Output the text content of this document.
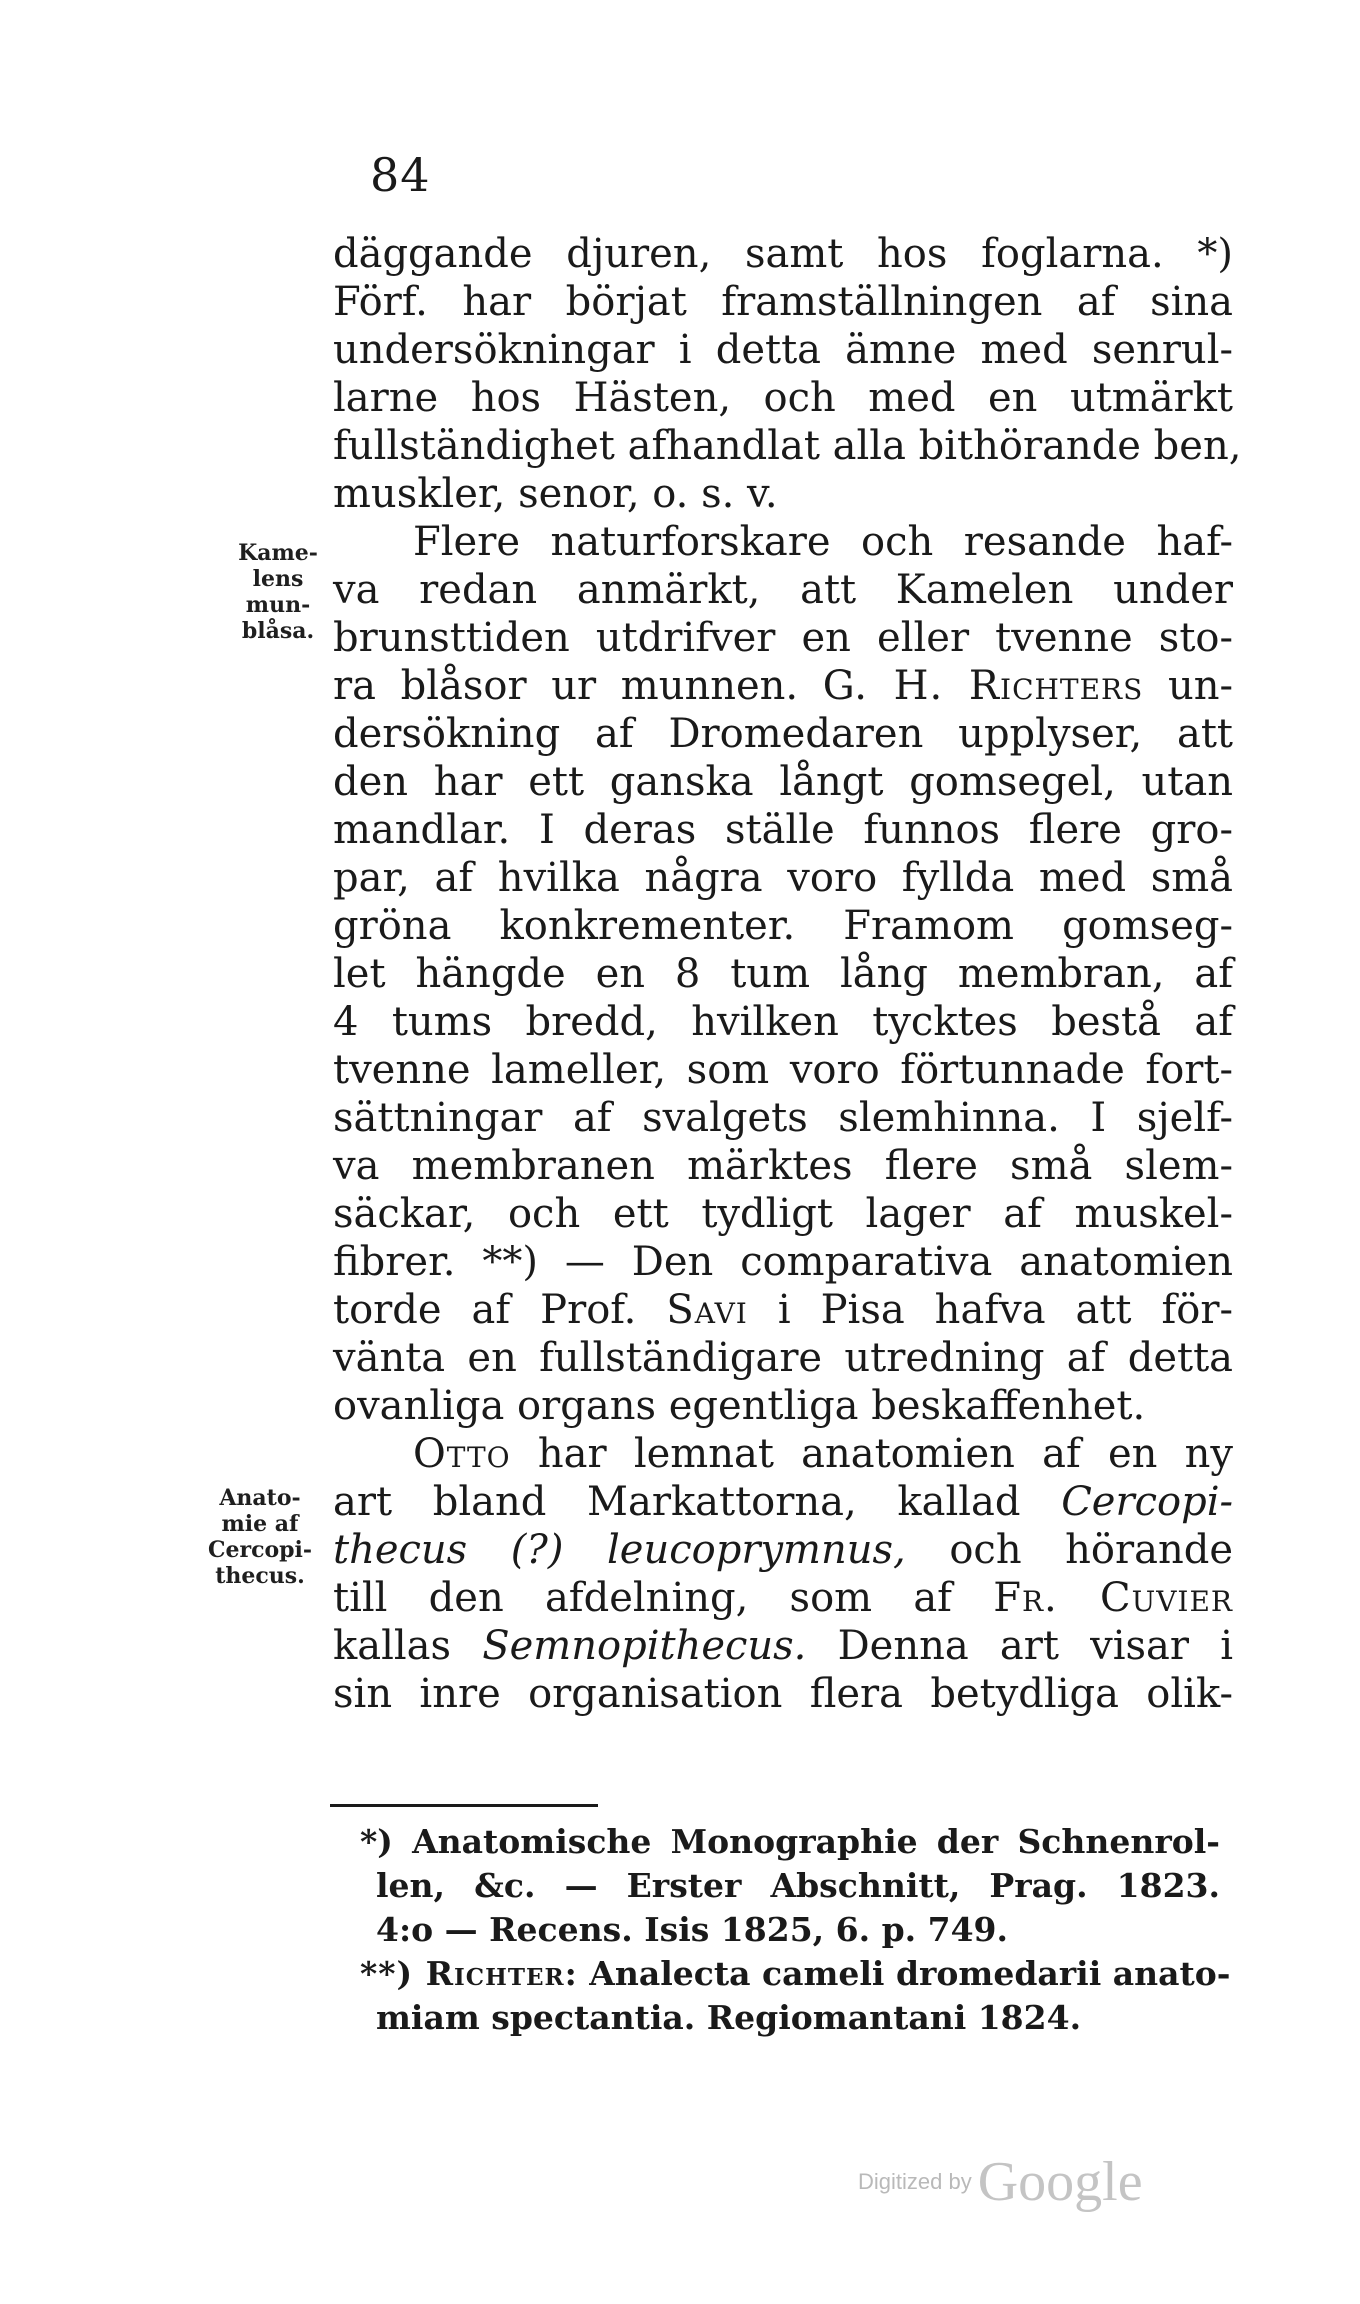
84
Kame-
lens
mun-
blåsa.
Anato-
mie af
Cercopi-
thecus.
däggande djuren, samt hos foglarna. *)
Förf. har börjat framställningen af sina
undersökningar i detta ämne med senrul-
larne hos Hästen, och med en utmärkt
fullständighet afhandlat alla bithörande ben,
muskler, senor, o. s. v.
Flere naturforskare och resande haf-
va redan anmärkt, att Kamelen under
brunsttiden utdrifver en eller tvenne sto-
ra blåsor ur munnen. G. H. Richters un-
dersökning af Dromedaren upplyser, att
den har ett ganska långt gomsegel, utan
mandlar. I deras ställe funnos flere gro-
par, af hvilka några voro fyllda med små
gröna konkrementer. Framom gomseg-
let hängde en 8 tum lång membran, af
4 tums bredd, hvilken tycktes bestå af
tvenne lameller, som voro förtunnade fort-
sättningar af svalgets slemhinna. I sjelf-
va membranen märktes flere små slem-
säckar, och ett tydligt lager af muskel-
fibrer. **) — Den comparativa anatomien
torde af Prof. Savi i Pisa hafva att för-
vänta en fullständigare utredning af detta
ovanliga organs egentliga beskaffenhet.
Otto har lemnat anatomien af en ny
art bland Markattorna, kallad Cercopi-
thecus (?) leucoprymnus, och hörande
till den afdelning, som af Fr. Cuvier
kallas Semnopithecus. Denna art visar i
sin inre organisation flera betydliga olik-
*) Anatomische Monographie der Schnenrol-
len, &c. — Erster Abschnitt, Prag. 1823.
4:o — Recens. Isis 1825, 6. p. 749.
**) Richter: Analecta cameli dromedarii anato-
miam spectantia. Regiomantani 1824.
Digitized by Google
